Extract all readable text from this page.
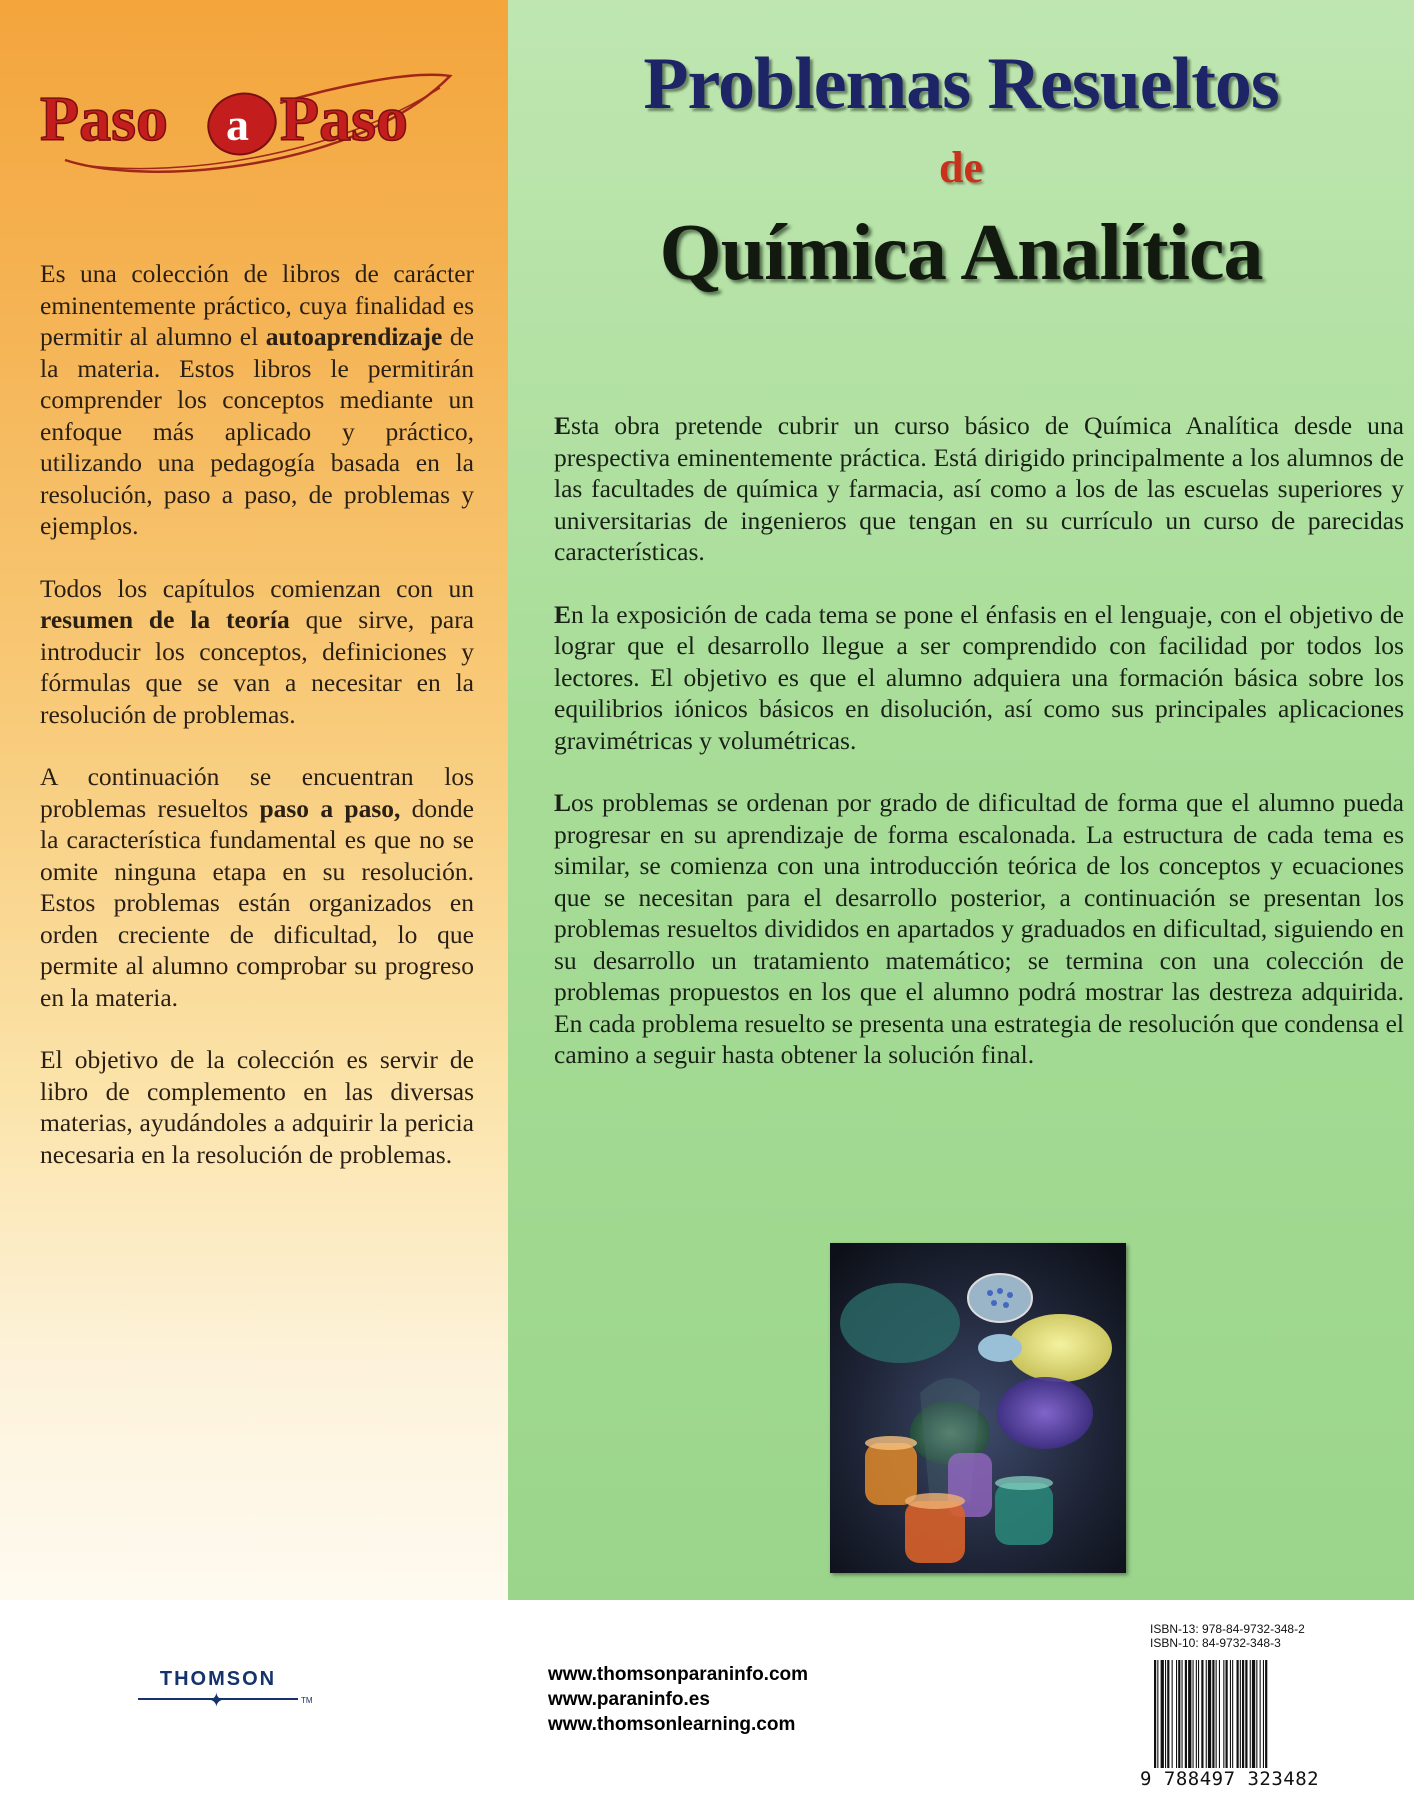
Paso a Paso

Es una colección de libros de carácter eminentemente práctico, cuya finalidad es permitir al alumno el autoaprendizaje de la materia. Estos libros le permitirán comprender los conceptos mediante un enfoque más aplicado y práctico, utilizando una pedagogía basada en la resolución, paso a paso, de problemas y ejemplos.

Todos los capítulos comienzan con un resumen de la teoría que sirve, para introducir los conceptos, definiciones y fórmulas que se van a necesitar en la resolución de problemas.

A continuación se encuentran los problemas resueltos paso a paso, donde la característica fundamental es que no se omite ninguna etapa en su resolución. Estos problemas están organizados en orden creciente de dificultad, lo que permite al alumno comprobar su progreso en la materia.

El objetivo de la colección es servir de libro de complemento en las diversas materias, ayudándoles a adquirir la pericia necesaria en la resolución de problemas.

Problemas Resueltos
de
Química Analítica

Esta obra pretende cubrir un curso básico de Química Analítica desde una prespectiva eminentemente práctica. Está dirigido principalmente a los alumnos de las facultades de química y farmacia, así como a los de las escuelas superiores y universitarias de ingenieros que tengan en su currículo un curso de parecidas características.

En la exposición de cada tema se pone el énfasis en el lenguaje, con el objetivo de lograr que el desarrollo llegue a ser comprendido con facilidad por todos los lectores. El objetivo es que el alumno adquiera una formación básica sobre los equilibrios iónicos básicos en disolución, así como sus principales aplicaciones gravimétricas y volumétricas.

Los problemas se ordenan por grado de dificultad de forma que el alumno pueda progresar en su aprendizaje de forma escalonada. La estructura de cada tema es similar, se comienza con una introducción teórica de los conceptos y ecuaciones que se necesitan para el desarrollo posterior, a continuación se presentan los problemas resueltos divididos en apartados y graduados en dificultad, siguiendo en su desarrollo un tratamiento matemático; se termina con una colección de problemas propuestos en los que el alumno podrá mostrar las destreza adquirida. En cada problema resuelto se presenta una estrategia de resolución que condensa el camino a seguir hasta obtener la solución final.

THOMSON
✦	TM
www.thomsonparaninfo.com
www.paraninfo.es
www.thomsonlearning.com
ISBN-13: 978-84-9732-348-2
ISBN-10: 84-9732-348-3
9 788497 323482
